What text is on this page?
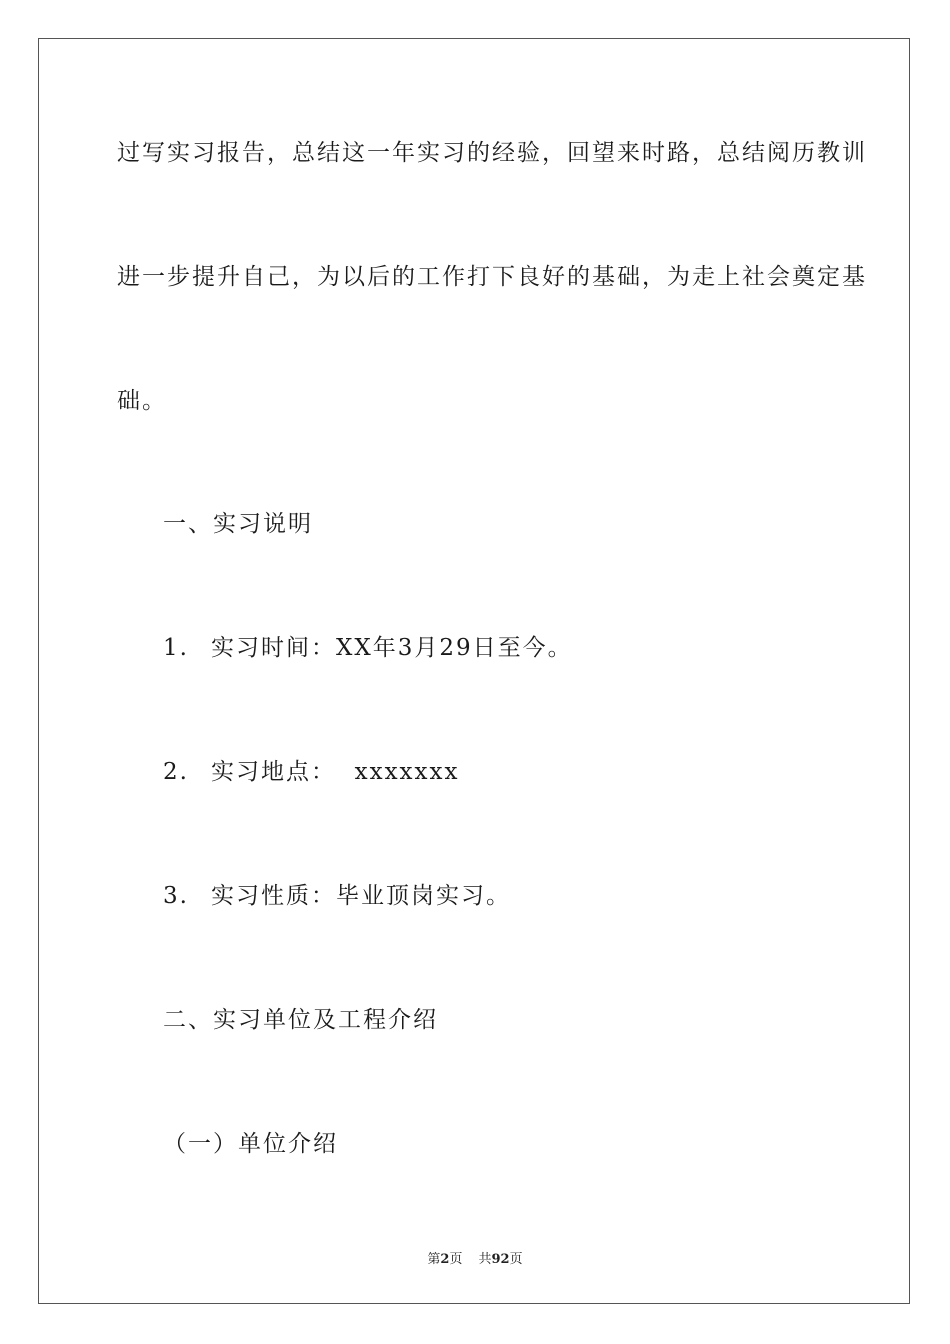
过写实习报告，总结这一年实习的经验，回望来时路，总结阅历教训
进一步提升自己，为以后的工作打下良好的基础，为走上社会奠定基
础。
一、实习说明
1. 实习时间：XX年3月29日至今。
2. 实习地点：  xxxxxxx
3. 实习性质：毕业顶岗实习。
二、实习单位及工程介绍
（一）单位介绍
第2页 共92页
